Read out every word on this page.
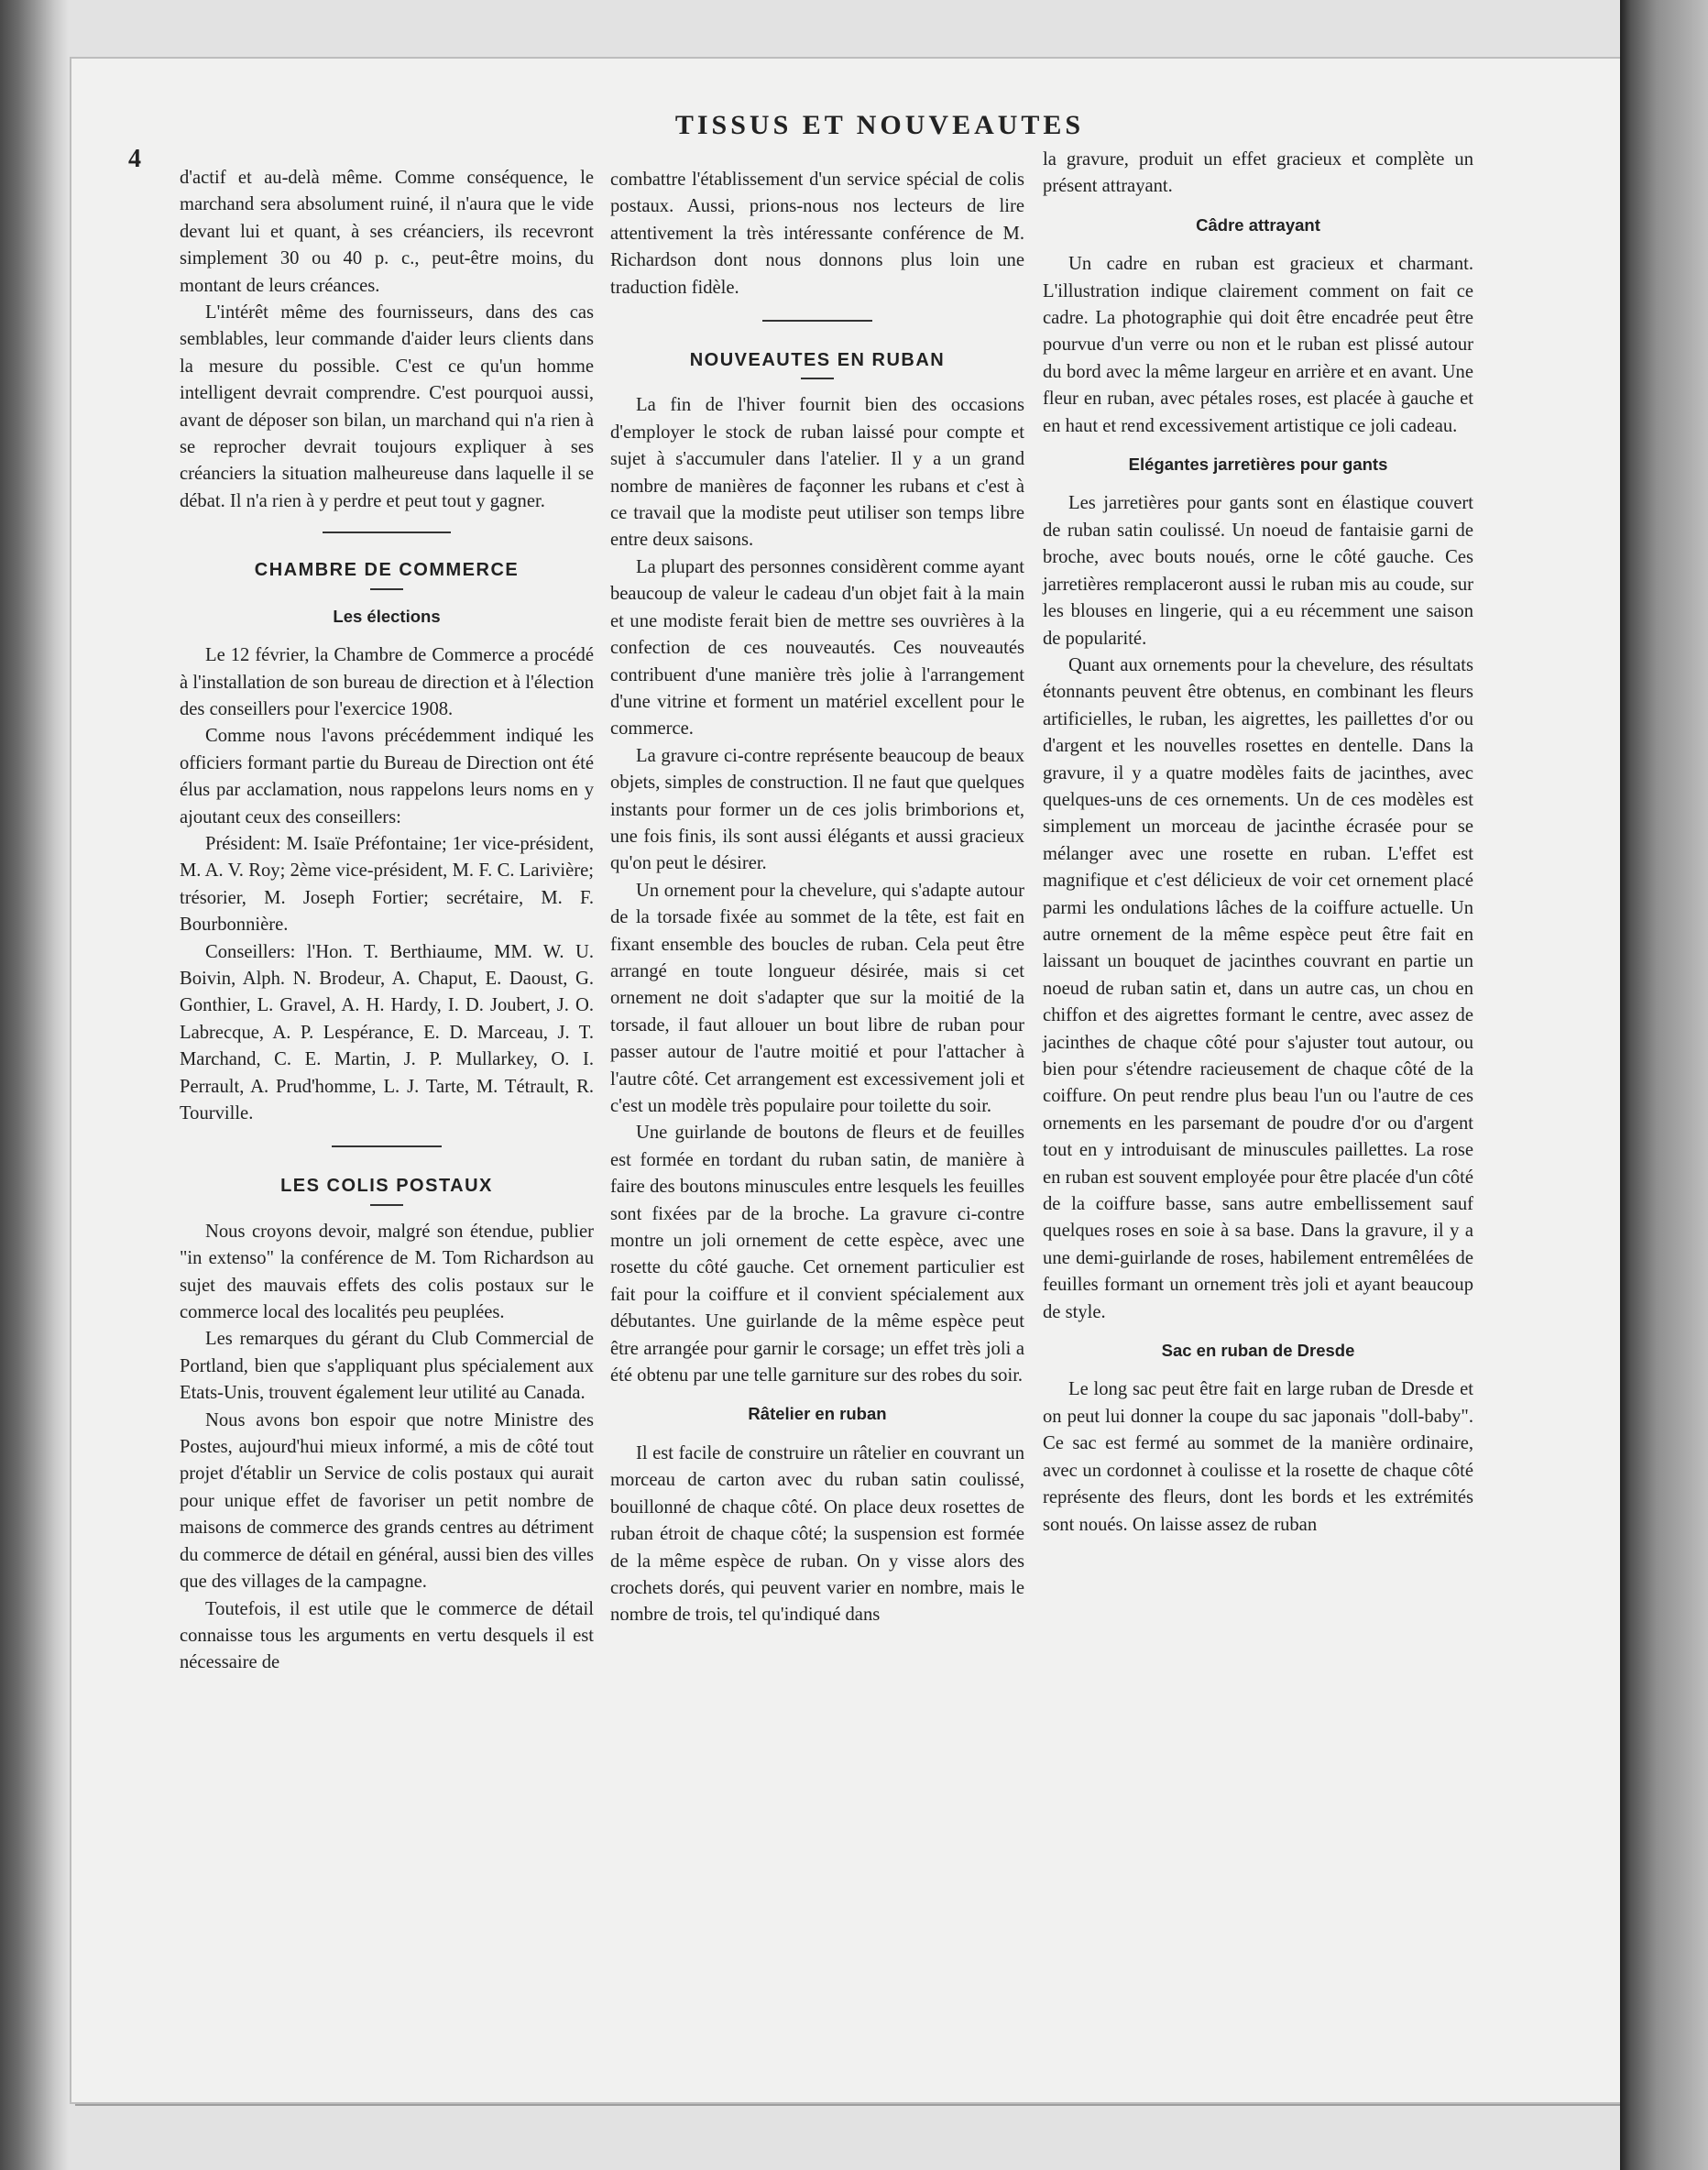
4
TISSUS ET NOUVEAUTES

d'actif et au-delà même. Comme conséquence, le marchand sera absolument ruiné, il n'aura que le vide devant lui et quant, à ses créanciers, ils recevront simplement 30 ou 40 p. c., peut-être moins, du montant de leurs créances.

L'intérêt même des fournisseurs, dans des cas semblables, leur commande d'aider leurs clients dans la mesure du possible. C'est ce qu'un homme intelligent devrait comprendre. C'est pourquoi aussi, avant de déposer son bilan, un marchand qui n'a rien à se reprocher devrait toujours expliquer à ses créanciers la situation malheureuse dans laquelle il se débat. Il n'a rien à y perdre et peut tout y gagner.

CHAMBRE DE COMMERCE
Les élections

Le 12 février, la Chambre de Commerce a procédé à l'installation de son bureau de direction et à l'élection des conseillers pour l'exercice 1908.

Comme nous l'avons précédemment indiqué les officiers formant partie du Bureau de Direction ont été élus par acclamation, nous rappelons leurs noms en y ajoutant ceux des conseillers:

Président: M. Isaïe Préfontaine; 1er vice-président, M. A. V. Roy; 2ème vice-président, M. F. C. Larivière; trésorier, M. Joseph Fortier; secrétaire, M. F. Bourbonnière.

Conseillers: l'Hon. T. Berthiaume, MM. W. U. Boivin, Alph. N. Brodeur, A. Chaput, E. Daoust, G. Gonthier, L. Gravel, A. H. Hardy, I. D. Joubert, J. O. Labrecque, A. P. Lespérance, E. D. Marceau, J. T. Marchand, C. E. Martin, J. P. Mullarkey, O. I. Perrault, A. Prud'homme, L. J. Tarte, M. Tétrault, R. Tourville.

LES COLIS POSTAUX

Nous croyons devoir, malgré son étendue, publier "in extenso" la conférence de M. Tom Richardson au sujet des mauvais effets des colis postaux sur le commerce local des localités peu peuplées.

Les remarques du gérant du Club Commercial de Portland, bien que s'appliquant plus spécialement aux Etats-Unis, trouvent également leur utilité au Canada.

Nous avons bon espoir que notre Ministre des Postes, aujourd'hui mieux informé, a mis de côté tout projet d'établir un Service de colis postaux qui aurait pour unique effet de favoriser un petit nombre de maisons de commerce des grands centres au détriment du commerce de détail en général, aussi bien des villes que des villages de la campagne.

Toutefois, il est utile que le commerce de détail connaisse tous les arguments en vertu desquels il est nécessaire de

combattre l'établissement d'un service spécial de colis postaux. Aussi, prions-nous nos lecteurs de lire attentivement la très intéressante conférence de M. Richardson dont nous donnons plus loin une traduction fidèle.

NOUVEAUTES EN RUBAN

La fin de l'hiver fournit bien des occasions d'employer le stock de ruban laissé pour compte et sujet à s'accumuler dans l'atelier. Il y a un grand nombre de manières de façonner les rubans et c'est à ce travail que la modiste peut utiliser son temps libre entre deux saisons.

La plupart des personnes considèrent comme ayant beaucoup de valeur le cadeau d'un objet fait à la main et une modiste ferait bien de mettre ses ouvrières à la confection de ces nouveautés. Ces nouveautés contribuent d'une manière très jolie à l'arrangement d'une vitrine et forment un matériel excellent pour le commerce.

La gravure ci-contre représente beaucoup de beaux objets, simples de construction. Il ne faut que quelques instants pour former un de ces jolis brimborions et, une fois finis, ils sont aussi élégants et aussi gracieux qu'on peut le désirer.

Un ornement pour la chevelure, qui s'adapte autour de la torsade fixée au sommet de la tête, est fait en fixant ensemble des boucles de ruban. Cela peut être arrangé en toute longueur désirée, mais si cet ornement ne doit s'adapter que sur la moitié de la torsade, il faut allouer un bout libre de ruban pour passer autour de l'autre moitié et pour l'attacher à l'autre côté. Cet arrangement est excessivement joli et c'est un modèle très populaire pour toilette du soir.

Une guirlande de boutons de fleurs et de feuilles est formée en tordant du ruban satin, de manière à faire des boutons minuscules entre lesquels les feuilles sont fixées par de la broche. La gravure ci-contre montre un joli ornement de cette espèce, avec une rosette du côté gauche. Cet ornement particulier est fait pour la coiffure et il convient spécialement aux débutantes. Une guirlande de la même espèce peut être arrangée pour garnir le corsage; un effet très joli a été obtenu par une telle garniture sur des robes du soir.

Râtelier en ruban

Il est facile de construire un râtelier en couvrant un morceau de carton avec du ruban satin coulissé, bouillonné de chaque côté. On place deux rosettes de ruban étroit de chaque côté; la suspension est formée de la même espèce de ruban. On y visse alors des crochets dorés, qui peuvent varier en nombre, mais le nombre de trois, tel qu'indiqué dans

la gravure, produit un effet gracieux et complète un présent attrayant.

Câdre attrayant

Un cadre en ruban est gracieux et charmant. L'illustration indique clairement comment on fait ce cadre. La photographie qui doit être encadrée peut être pourvue d'un verre ou non et le ruban est plissé autour du bord avec la même largeur en arrière et en avant. Une fleur en ruban, avec pétales roses, est placée à gauche et en haut et rend excessivement artistique ce joli cadeau.

Elégantes jarretières pour gants

Les jarretières pour gants sont en élastique couvert de ruban satin coulissé. Un noeud de fantaisie garni de broche, avec bouts noués, orne le côté gauche. Ces jarretières remplaceront aussi le ruban mis au coude, sur les blouses en lingerie, qui a eu récemment une saison de popularité.

Quant aux ornements pour la chevelure, des résultats étonnants peuvent être obtenus, en combinant les fleurs artificielles, le ruban, les aigrettes, les paillettes d'or ou d'argent et les nouvelles rosettes en dentelle. Dans la gravure, il y a quatre modèles faits de jacinthes, avec quelques-uns de ces ornements. Un de ces modèles est simplement un morceau de jacinthe écrasée pour se mélanger avec une rosette en ruban. L'effet est magnifique et c'est délicieux de voir cet ornement placé parmi les ondulations lâches de la coiffure actuelle. Un autre ornement de la même espèce peut être fait en laissant un bouquet de jacinthes couvrant en partie un noeud de ruban satin et, dans un autre cas, un chou en chiffon et des aigrettes formant le centre, avec assez de jacinthes de chaque côté pour s'ajuster tout autour, ou bien pour s'étendre racieusement de chaque côté de la coiffure. On peut rendre plus beau l'un ou l'autre de ces ornements en les parsemant de poudre d'or ou d'argent tout en y introduisant de minuscules paillettes. La rose en ruban est souvent employée pour être placée d'un côté de la coiffure basse, sans autre embellissement sauf quelques roses en soie à sa base. Dans la gravure, il y a une demi-guirlande de roses, habilement entremêlées de feuilles formant un ornement très joli et ayant beaucoup de style.

Sac en ruban de Dresde

Le long sac peut être fait en large ruban de Dresde et on peut lui donner la coupe du sac japonais "doll-baby". Ce sac est fermé au sommet de la manière ordinaire, avec un cordonnet à coulisse et la rosette de chaque côté représente des fleurs, dont les bords et les extrémités sont noués. On laisse assez de ruban
